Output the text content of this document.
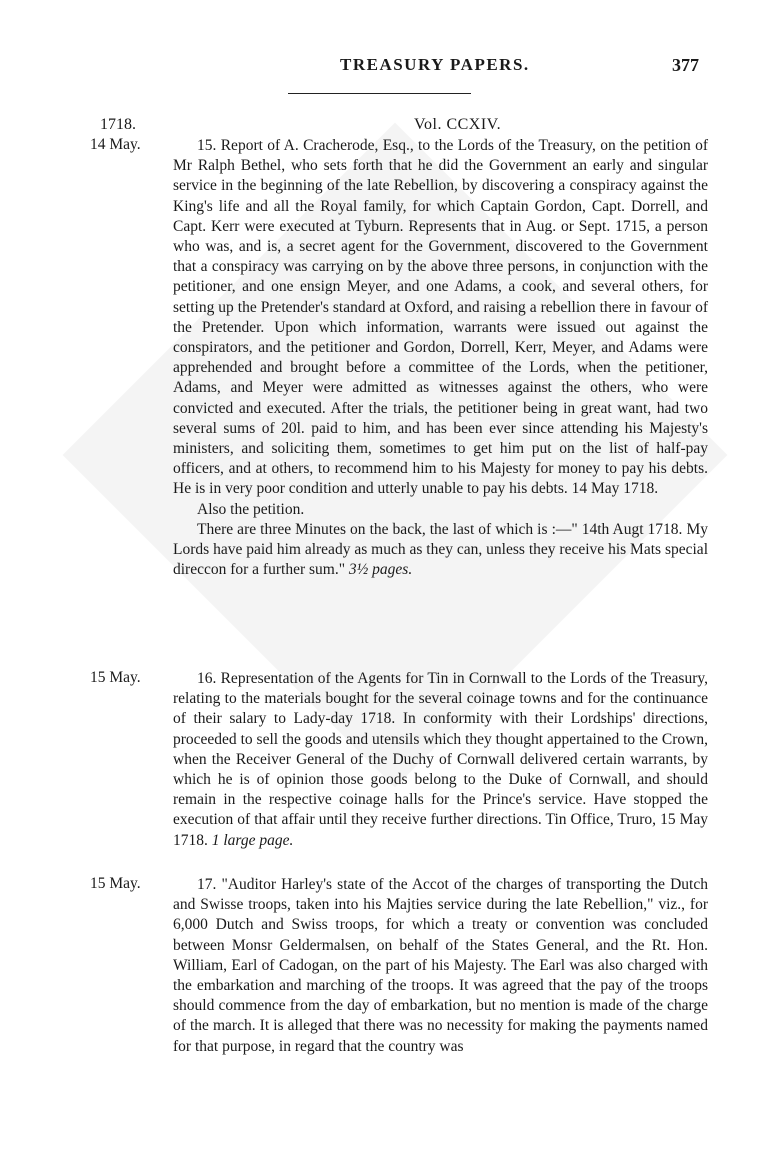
TREASURY PAPERS.	377
1718.	Vol. CCXIV.
14 May.	15. Report of A. Cracherode, Esq., to the Lords of the Treasury, on the petition of Mr Ralph Bethel, who sets forth that he did the Government an early and singular service in the beginning of the late Rebellion, by discovering a conspiracy against the King's life and all the Royal family, for which Captain Gordon, Capt. Dorrell, and Capt. Kerr were executed at Tyburn. Represents that in Aug. or Sept. 1715, a person who was, and is, a secret agent for the Government, discovered to the Government that a conspiracy was carrying on by the above three persons, in conjunction with the petitioner, and one ensign Meyer, and one Adams, a cook, and several others, for setting up the Pretender's standard at Oxford, and raising a rebellion there in favour of the Pretender. Upon which information, warrants were issued out against the conspirators, and the petitioner and Gordon, Dorrell, Kerr, Meyer, and Adams were apprehended and brought before a committee of the Lords, when the petitioner, Adams, and Meyer were admitted as witnesses against the others, who were convicted and executed. After the trials, the petitioner being in great want, had two several sums of 20l. paid to him, and has been ever since attending his Majesty's ministers, and soliciting them, sometimes to get him put on the list of half-pay officers, and at others, to recommend him to his Majesty for money to pay his debts. He is in very poor condition and utterly unable to pay his debts. 14 May 1718.

Also the petition.

There are three Minutes on the back, the last of which is :—" 14th Augt 1718. My Lords have paid him already as much as they can, unless they receive his Mats special direccon for a further sum." 3½ pages.

15 May.	16. Representation of the Agents for Tin in Cornwall to the Lords of the Treasury, relating to the materials bought for the several coinage towns and for the continuance of their salary to Lady-day 1718. In conformity with their Lordships' directions, proceeded to sell the goods and utensils which they thought appertained to the Crown, when the Receiver General of the Duchy of Cornwall delivered certain warrants, by which he is of opinion those goods belong to the Duke of Cornwall, and should remain in the respective coinage halls for the Prince's service. Have stopped the execution of that affair until they receive further directions. Tin Office, Truro, 15 May 1718. 1 large page.

15 May.	17. "Auditor Harley's state of the Accot of the charges of transporting the Dutch and Swisse troops, taken into his Majties service during the late Rebellion," viz., for 6,000 Dutch and Swiss troops, for which a treaty or convention was concluded between Monsr Geldermalsen, on behalf of the States General, and the Rt. Hon. William, Earl of Cadogan, on the part of his Majesty. The Earl was also charged with the embarkation and marching of the troops. It was agreed that the pay of the troops should commence from the day of embarkation, but no mention is made of the charge of the march. It is alleged that there was no necessity for making the payments named for that purpose, in regard that the country was
